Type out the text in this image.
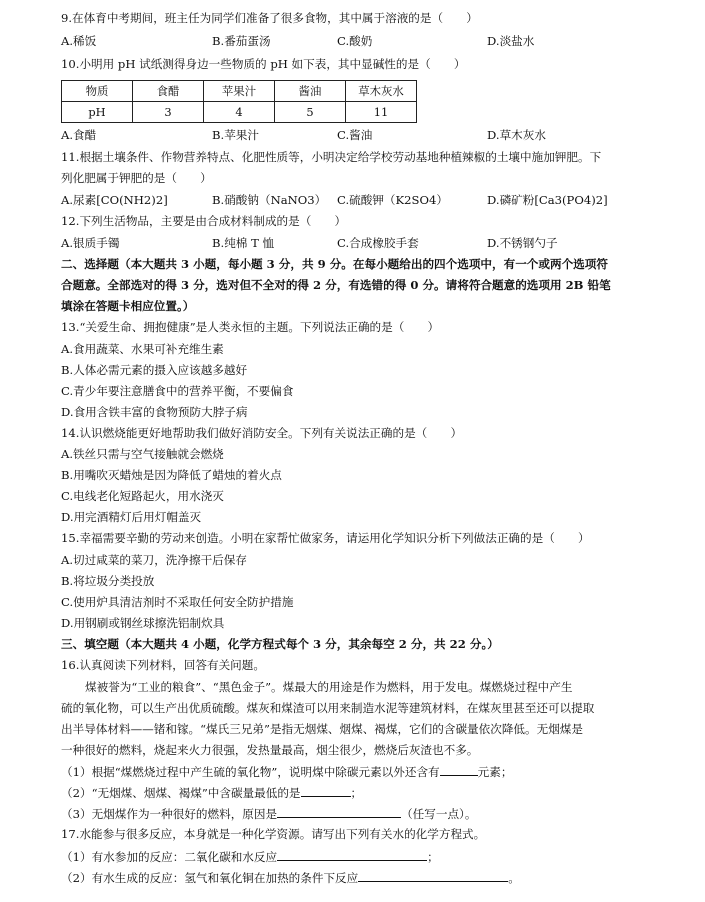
9.在体育中考期间，班主任为同学们准备了很多食物，其中属于溶液的是（　　）
A.稀饭	B.番茄蛋汤	C.酸奶	D.淡盐水
10.小明用 pH 试纸测得身边一些物质的 pH 如下表，其中显碱性的是（　　）
物质	食醋	苹果汁	酱油	草木灰水
pH	3	4	5	11
A.食醋	B.苹果汁	C.酱油	D.草木灰水
11.根据土壤条件、作物营养特点、化肥性质等，小明决定给学校劳动基地种植辣椒的土壤中施加钾肥。下
列化肥属于钾肥的是（　　）
A.尿素[CO(NH2)2]	B.硝酸钠（NaNO3） C.硫酸钾（K2SO4）	D.磷矿粉[Ca3(PO4)2]
12.下列生活物品，主要是由合成材料制成的是（　　）
A.银质手镯	B.纯棉 T 恤	C.合成橡胶手套	D.不锈钢勺子
二、选择题（本大题共 3 小题，每小题 3 分，共 9 分。在每小题给出的四个选项中，有一个或两个选项符
合题意。全部选对的得 3 分，选对但不全对的得 2 分，有选错的得 0 分。请将符合题意的选项用 2B 铅笔
填涂在答题卡相应位置。）
13.“关爱生命、拥抱健康”是人类永恒的主题。下列说法正确的是（　　）
A.食用蔬菜、水果可补充维生素
B.人体必需元素的摄入应该越多越好
C.青少年要注意膳食中的营养平衡，不要偏食
D.食用含铁丰富的食物预防大脖子病
14.认识燃烧能更好地帮助我们做好消防安全。下列有关说法正确的是（　　）
A.铁丝只需与空气接触就会燃烧
B.用嘴吹灭蜡烛是因为降低了蜡烛的着火点
C.电线老化短路起火，用水浇灭
D.用完酒精灯后用灯帽盖灭
15.幸福需要辛勤的劳动来创造。小明在家帮忙做家务，请运用化学知识分析下列做法正确的是（　　）
A.切过咸菜的菜刀，洗净擦干后保存
B.将垃圾分类投放
C.使用炉具清洁剂时不采取任何安全防护措施
D.用钢刷或钢丝球擦洗铝制炊具
三、填空题（本大题共 4 小题，化学方程式每个 3 分，其余每空 2 分，共 22 分。）
16.认真阅读下列材料，回答有关问题。
煤被誉为“工业的粮食”、“黑色金子”。煤最大的用途是作为燃料，用于发电。煤燃烧过程中产生
硫的氧化物，可以生产出优质硫酸。煤灰和煤渣可以用来制造水泥等建筑材料，在煤灰里甚至还可以提取
出半导体材料——锗和镓。“煤氏三兄弟”是指无烟煤、烟煤、褐煤，它们的含碳量依次降低。无烟煤是
一种很好的燃料，烧起来火力很强，发热量最高，烟尘很少，燃烧后灰渣也不多。
（1）根据“煤燃烧过程中产生硫的氧化物”，说明煤中除碳元素以外还含有	元素；
（2）“无烟煤、烟煤、褐煤”中含碳量最低的是	；
（3）无烟煤作为一种很好的燃料，原因是	（任写一点）。
17.水能参与很多反应，本身就是一种化学资源。请写出下列有关水的化学方程式。
（1）有水参加的反应：二氧化碳和水反应	；
（2）有水生成的反应：氢气和氧化铜在加热的条件下反应	。
